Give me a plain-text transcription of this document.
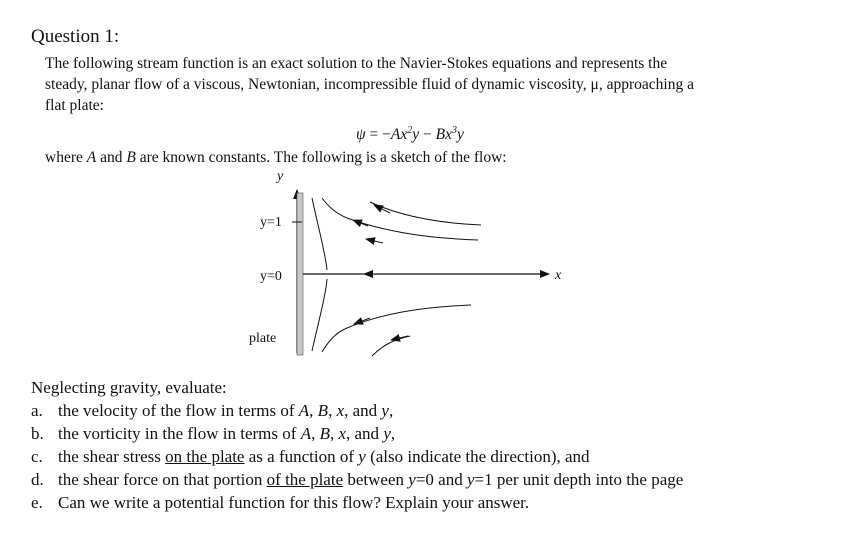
Question 1:
The following stream function is an exact solution to the Navier-Stokes equations and represents the
steady, planar flow of a viscous, Newtonian, incompressible fluid of dynamic viscosity, μ, approaching a
flat plate:
$\psi = -Ax^2y - Bx^3y$
where A and B are known constants. The following is a sketch of the flow:
y
y=1
y=0	x
plate
Neglecting gravity, evaluate:
a. the velocity of the flow in terms of A, B, x, and y,
b. the vorticity in the flow in terms of A, B, x, and y,
c. the shear stress on the plate as a function of y (also indicate the direction), and
d. the shear force on that portion of the plate between y=0 and y=1 per unit depth into the page
e. Can we write a potential function for this flow? Explain your answer.
